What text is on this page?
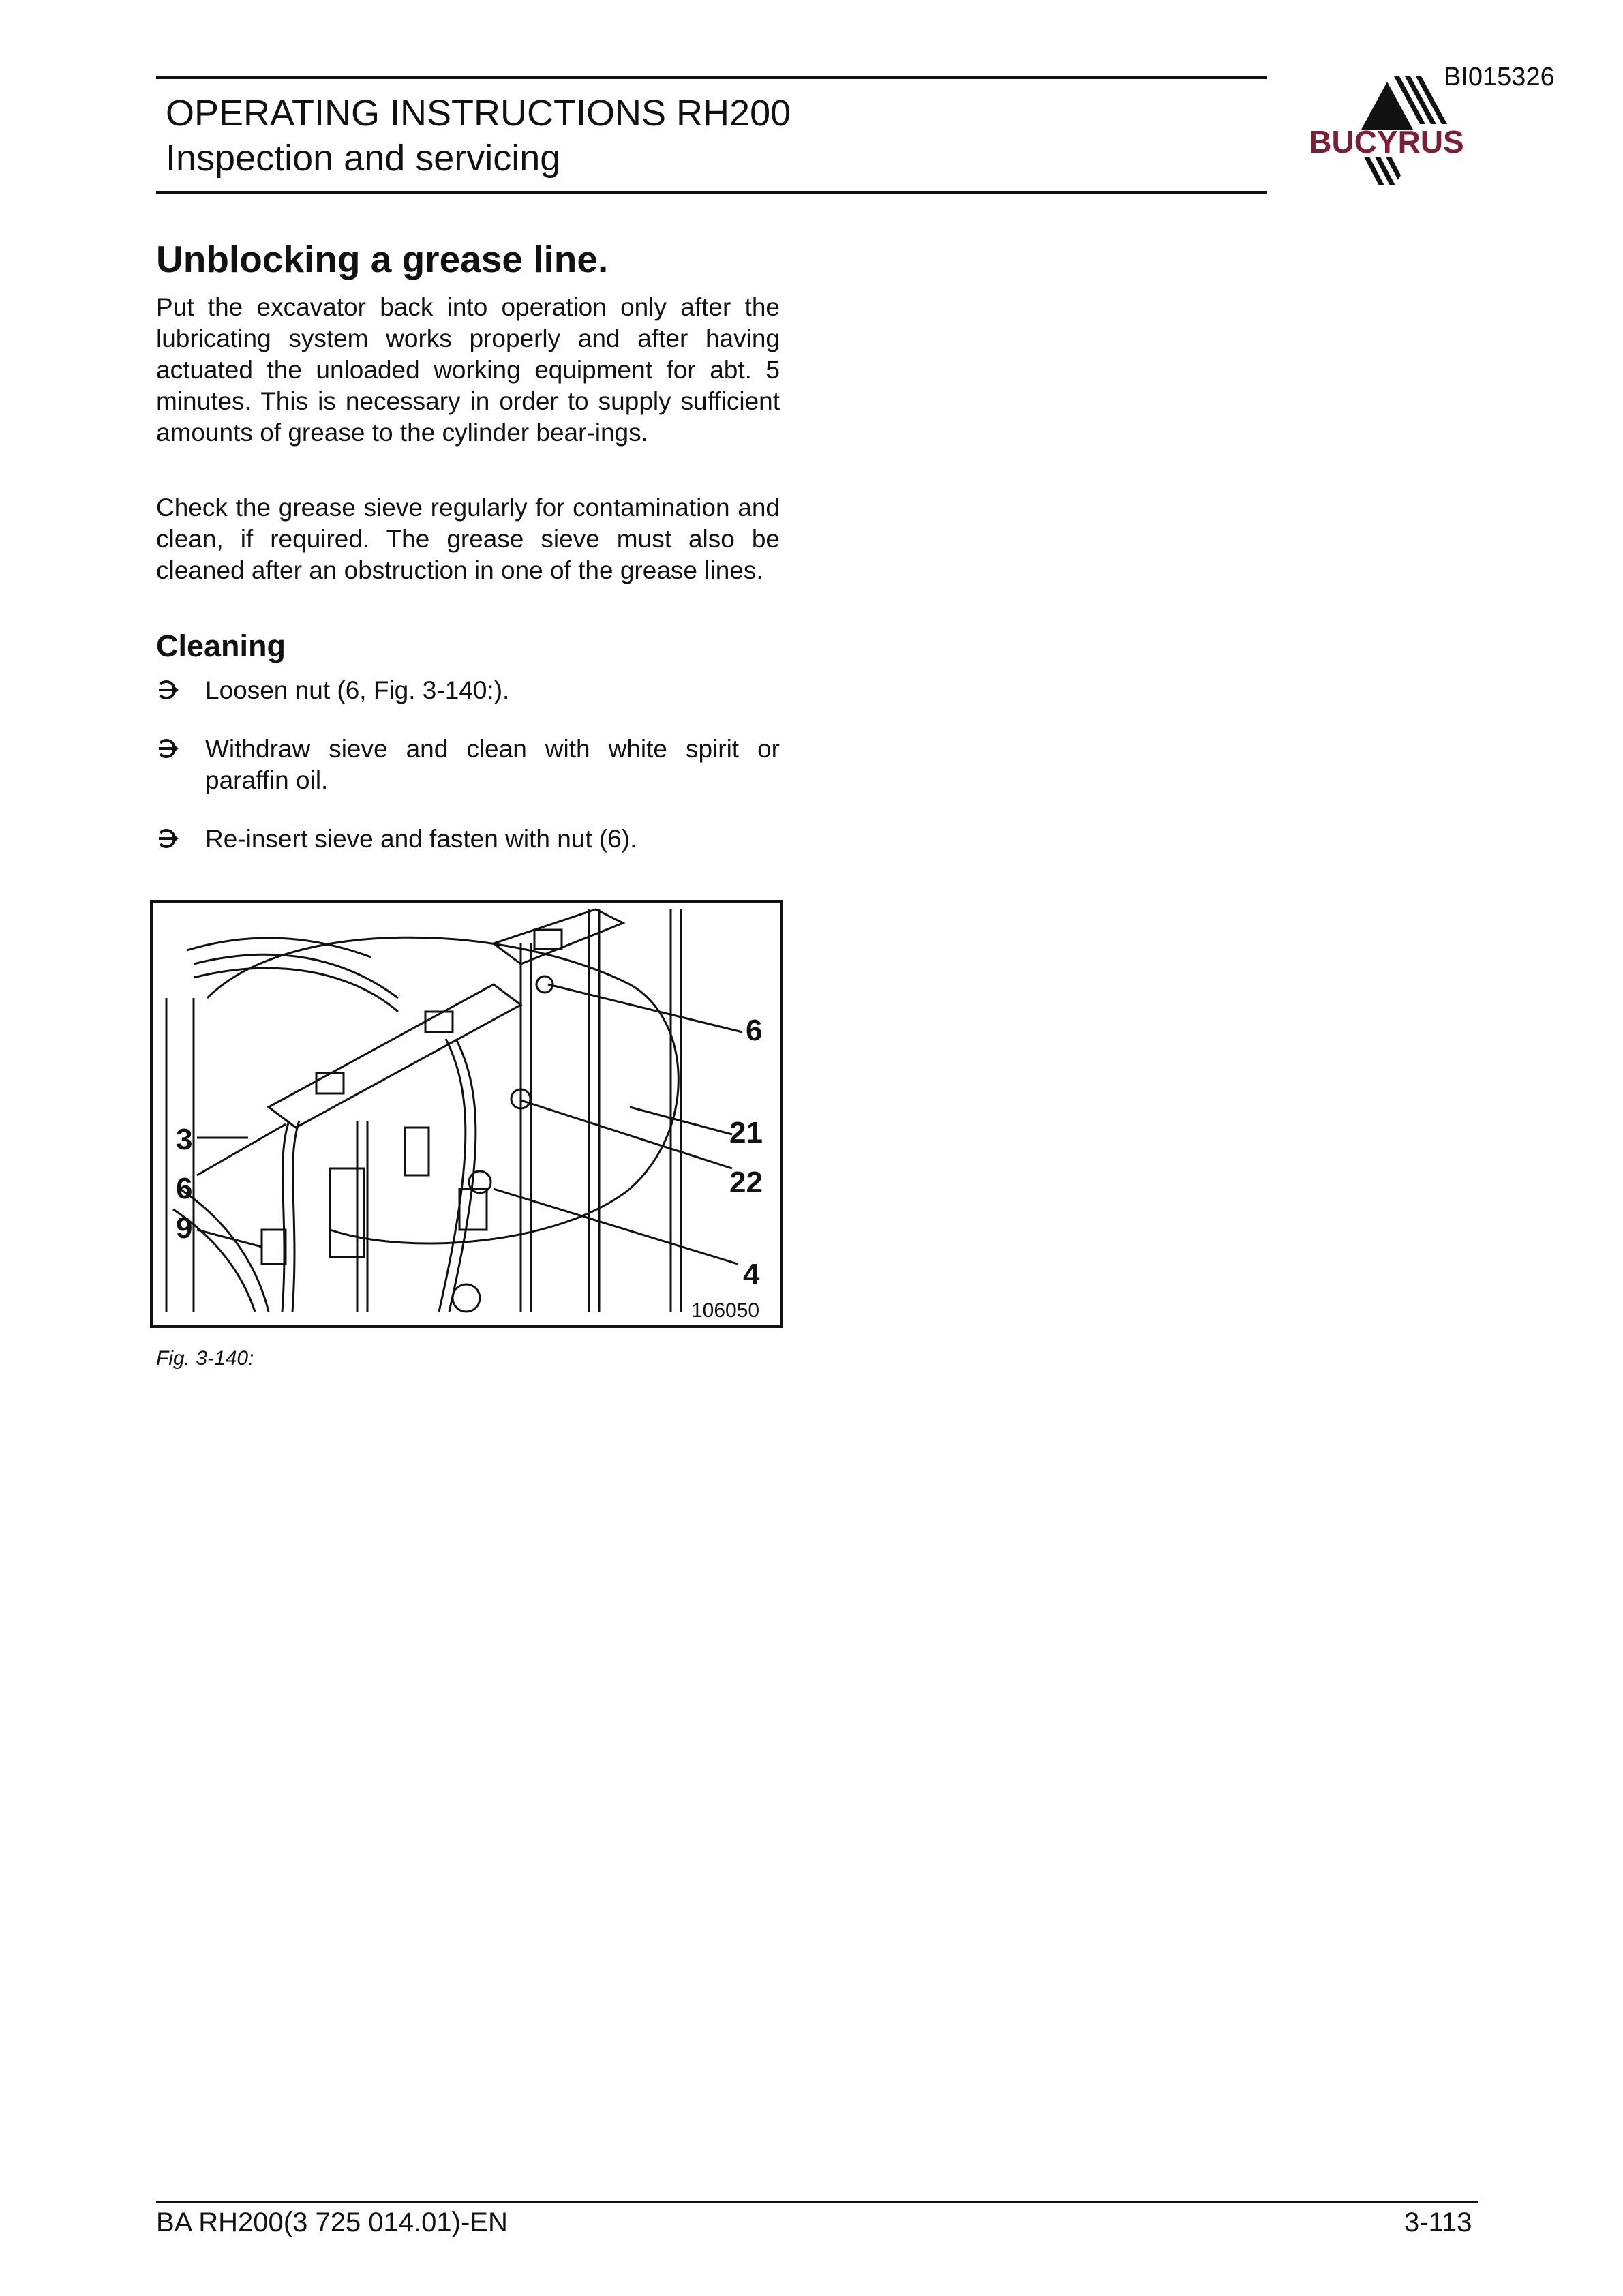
BI015326
OPERATING INSTRUCTIONS RH200
Inspection and servicing	BUCYRUS
Unblocking a grease line.
Put the excavator back into operation only after the lubricating system works properly and after having actuated the unloaded working equipment for abt. 5 minutes. This is necessary in order to supply sufficient amounts of grease to the cylinder bear-ings.
Check the grease sieve regularly for contamination and clean, if required. The grease sieve must also be cleaned after an obstruction in one of the grease lines.
Cleaning
Loosen nut (6, Fig. 3-140:).
Withdraw sieve and clean with white spirit or paraffin oil.
Re-insert sieve and fasten with nut (6).
6
21
22
4
3
6
9
106050
Fig. 3-140:
BA RH200(3 725 014.01)-EN	3-113
